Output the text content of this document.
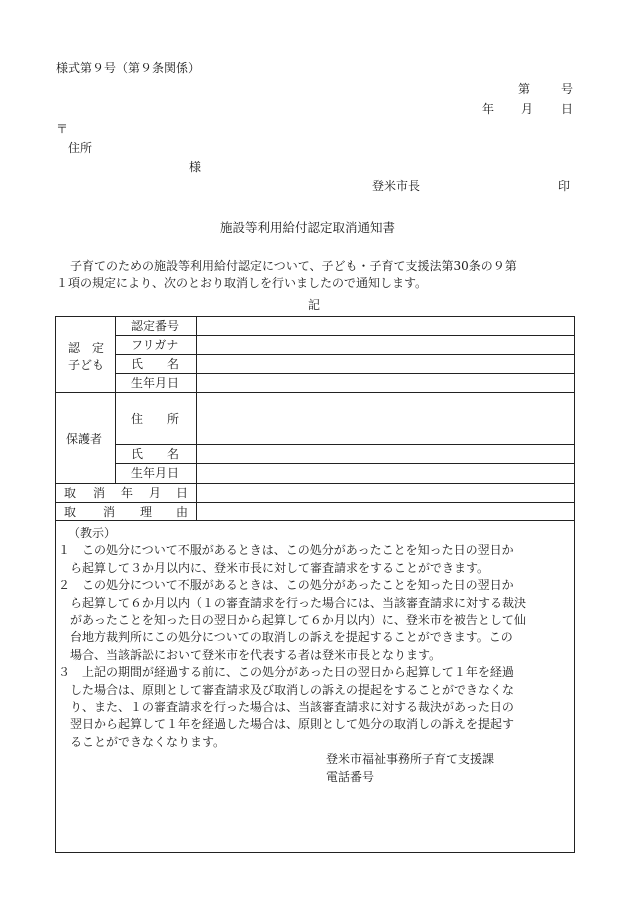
様式第９号（第９条関係）
第	号
年 月 日
〒
住所
様
登米市長	印
施設等利用給付認定取消通知書
子育てのための施設等利用給付認定について、子ども・子育て支援法第30条の９第
１項の規定により、次のとおり取消しを行いましたので通知します。
記
認　定
子ども
認定番号
フリガナ
氏　　名
生年月日
保護者
住　　所
氏　　名
生年月日
取 消 年 月 日
取 消 理 由
（教示）
１　この処分について不服があるときは、この処分があったことを知った日の翌日か
　ら起算して３か月以内に、登米市長に対して審査請求をすることができます。
２　この処分について不服があるときは、この処分があったことを知った日の翌日か
　ら起算して６か月以内（１の審査請求を行った場合には、当該審査請求に対する裁決
　があったことを知った日の翌日から起算して６か月以内）に、登米市を被告として仙
　台地方裁判所にこの処分についての取消しの訴えを提起することができます。この
　場合、当該訴訟において登米市を代表する者は登米市長となります。
３　上記の期間が経過する前に、この処分があった日の翌日から起算して１年を経過
　した場合は、原則として審査請求及び取消しの訴えの提起をすることができなくな
　り、また、１の審査請求を行った場合は、当該審査請求に対する裁決があった日の
　翌日から起算して１年を経過した場合は、原則として処分の取消しの訴えを提起す
　ることができなくなります。
登米市福祉事務所子育て支援課
電話番号
